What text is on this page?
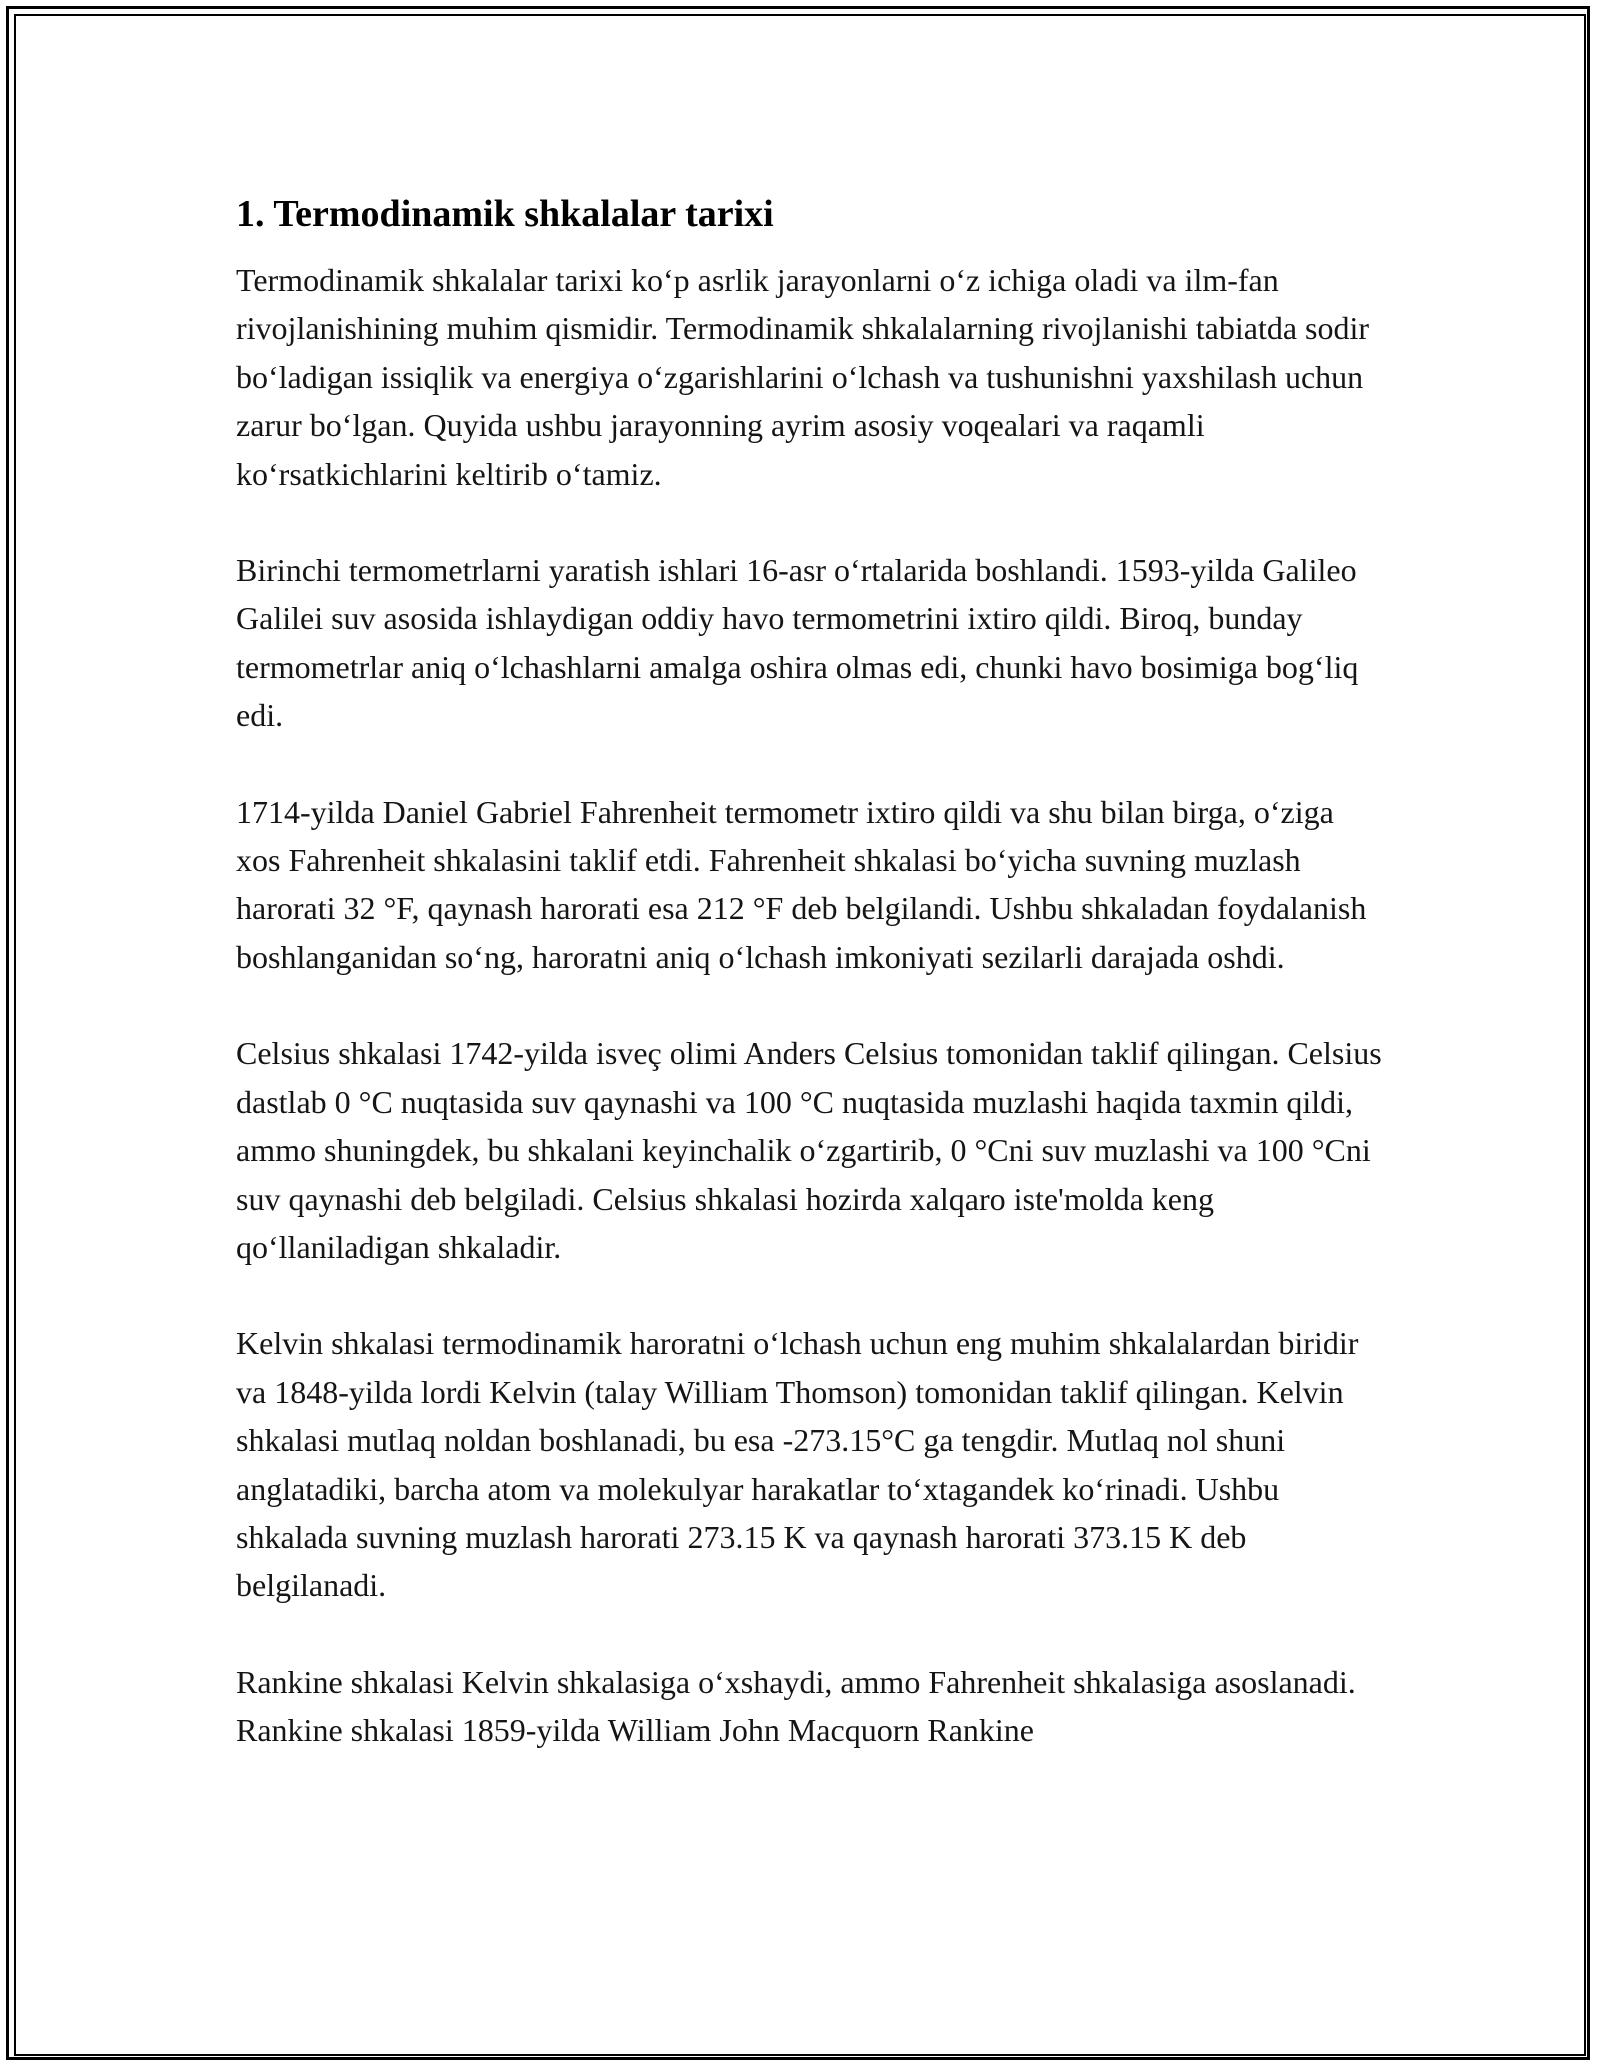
1. Termodinamik shkalalar tarixi

Termodinamik shkalalar tarixi ko‘p asrlik jarayonlarni o‘z ichiga oladi va ilm-fan rivojlanishining muhim qismidir. Termodinamik shkalalarning rivojlanishi tabiatda sodir bo‘ladigan issiqlik va energiya o‘zgarishlarini o‘lchash va tushunishni yaxshilash uchun zarur bo‘lgan. Quyida ushbu jarayonning ayrim asosiy voqealari va raqamli ko‘rsatkichlarini keltirib o‘tamiz.

Birinchi termometrlarni yaratish ishlari 16-asr o‘rtalarida boshlandi. 1593-yilda Galileo Galilei suv asosida ishlaydigan oddiy havo termometrini ixtiro qildi. Biroq, bunday termometrlar aniq o‘lchashlarni amalga oshira olmas edi, chunki havo bosimiga bog‘liq edi.

1714-yilda Daniel Gabriel Fahrenheit termometr ixtiro qildi va shu bilan birga, o‘ziga xos Fahrenheit shkalasini taklif etdi. Fahrenheit shkalasi bo‘yicha suvning muzlash harorati 32 °F, qaynash harorati esa 212 °F deb belgilandi. Ushbu shkaladan foydalanish boshlanganidan so‘ng, haroratni aniq o‘lchash imkoniyati sezilarli darajada oshdi.

Celsius shkalasi 1742-yilda isveç olimi Anders Celsius tomonidan taklif qilingan. Celsius dastlab 0 °C nuqtasida suv qaynashi va 100 °C nuqtasida muzlashi haqida taxmin qildi, ammo shuningdek, bu shkalani keyinchalik o‘zgartirib, 0 °Cni suv muzlashi va 100 °Cni suv qaynashi deb belgiladi. Celsius shkalasi hozirda xalqaro iste'molda keng qo‘llaniladigan shkaladir.

Kelvin shkalasi termodinamik haroratni o‘lchash uchun eng muhim shkalalardan biridir va 1848-yilda lordi Kelvin (talay William Thomson) tomonidan taklif qilingan. Kelvin shkalasi mutlaq noldan boshlanadi, bu esa -273.15°C ga tengdir. Mutlaq nol shuni anglatadiki, barcha atom va molekulyar harakatlar to‘xtagandek ko‘rinadi. Ushbu shkalada suvning muzlash harorati 273.15 K va qaynash harorati 373.15 K deb belgilanadi.

Rankine shkalasi Kelvin shkalasiga o‘xshaydi, ammo Fahrenheit shkalasiga asoslanadi. Rankine shkalasi 1859-yilda William John Macquorn Rankine
